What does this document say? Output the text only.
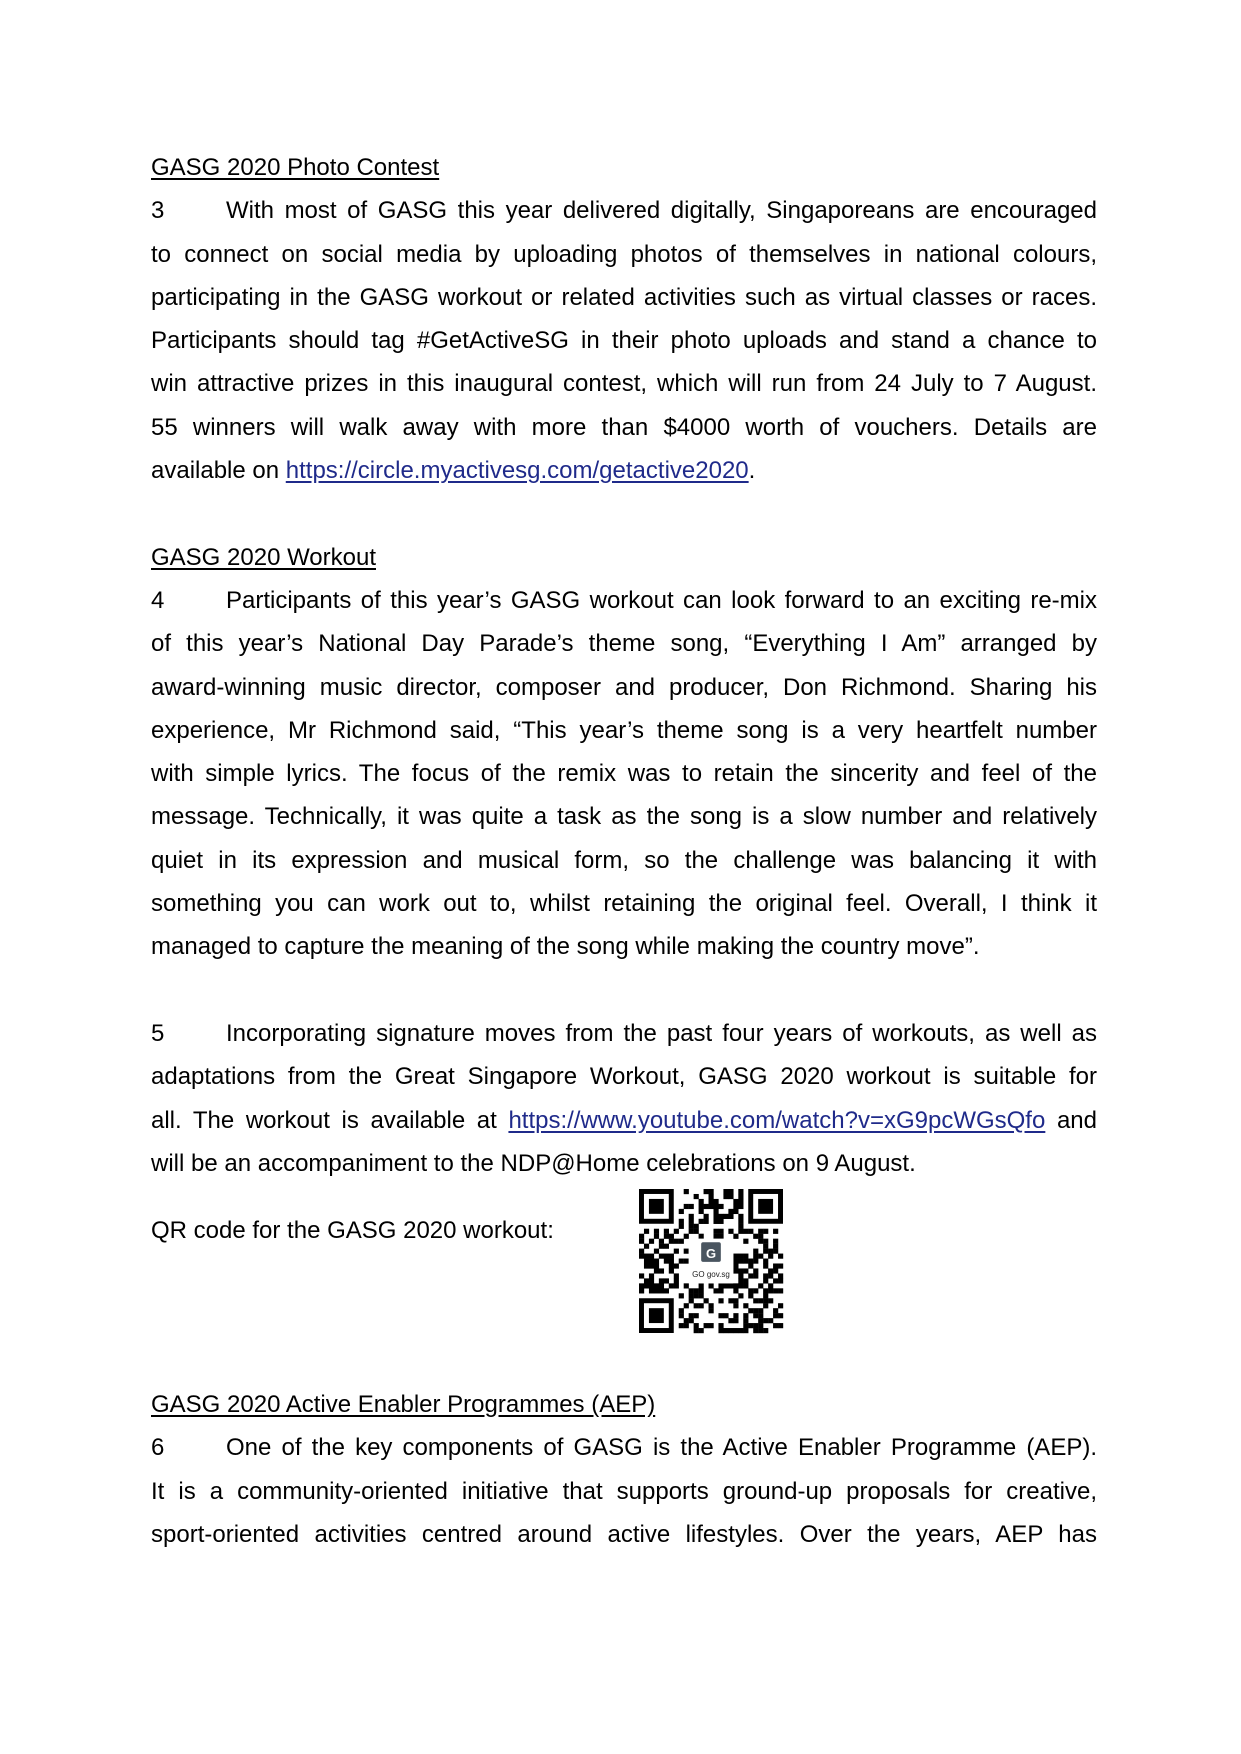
GASG 2020 Photo Contest
3	With most of GASG this year delivered digitally, Singaporeans are encouraged
to connect on social media by uploading photos of themselves in national colours,
participating in the GASG workout or related activities such as virtual classes or races.
Participants should tag #GetActiveSG in their photo uploads and stand a chance to
win attractive prizes in this inaugural contest, which will run from 24 July to 7 August.
55 winners will walk away with more than $4000 worth of vouchers. Details are
available on https://circle.myactivesg.com/getactive2020.
GASG 2020 Workout
4	Participants of this year’s GASG workout can look forward to an exciting re-mix
of this year’s National Day Parade’s theme song, “Everything I Am” arranged by
award-winning music director, composer and producer, Don Richmond. Sharing his
experience, Mr Richmond said, “This year’s theme song is a very heartfelt number
with simple lyrics. The focus of the remix was to retain the sincerity and feel of the
message. Technically, it was quite a task as the song is a slow number and relatively
quiet in its expression and musical form, so the challenge was balancing it with
something you can work out to, whilst retaining the original feel. Overall, I think it
managed to capture the meaning of the song while making the country move”.
5	Incorporating signature moves from the past four years of workouts, as well as
adaptations from the Great Singapore Workout, GASG 2020 workout is suitable for
all. The workout is available at https://www.youtube.com/watch?v=xG9pcWGsQfo and
will be an accompaniment to the NDP@Home celebrations on 9 August.
QR code for the GASG 2020 workout:
G
GO gov.sg
GASG 2020 Active Enabler Programmes (AEP)
6	One of the key components of GASG is the Active Enabler Programme (AEP).
It is a community-oriented initiative that supports ground-up proposals for creative,
sport-oriented activities centred around active lifestyles. Over the years, AEP has
